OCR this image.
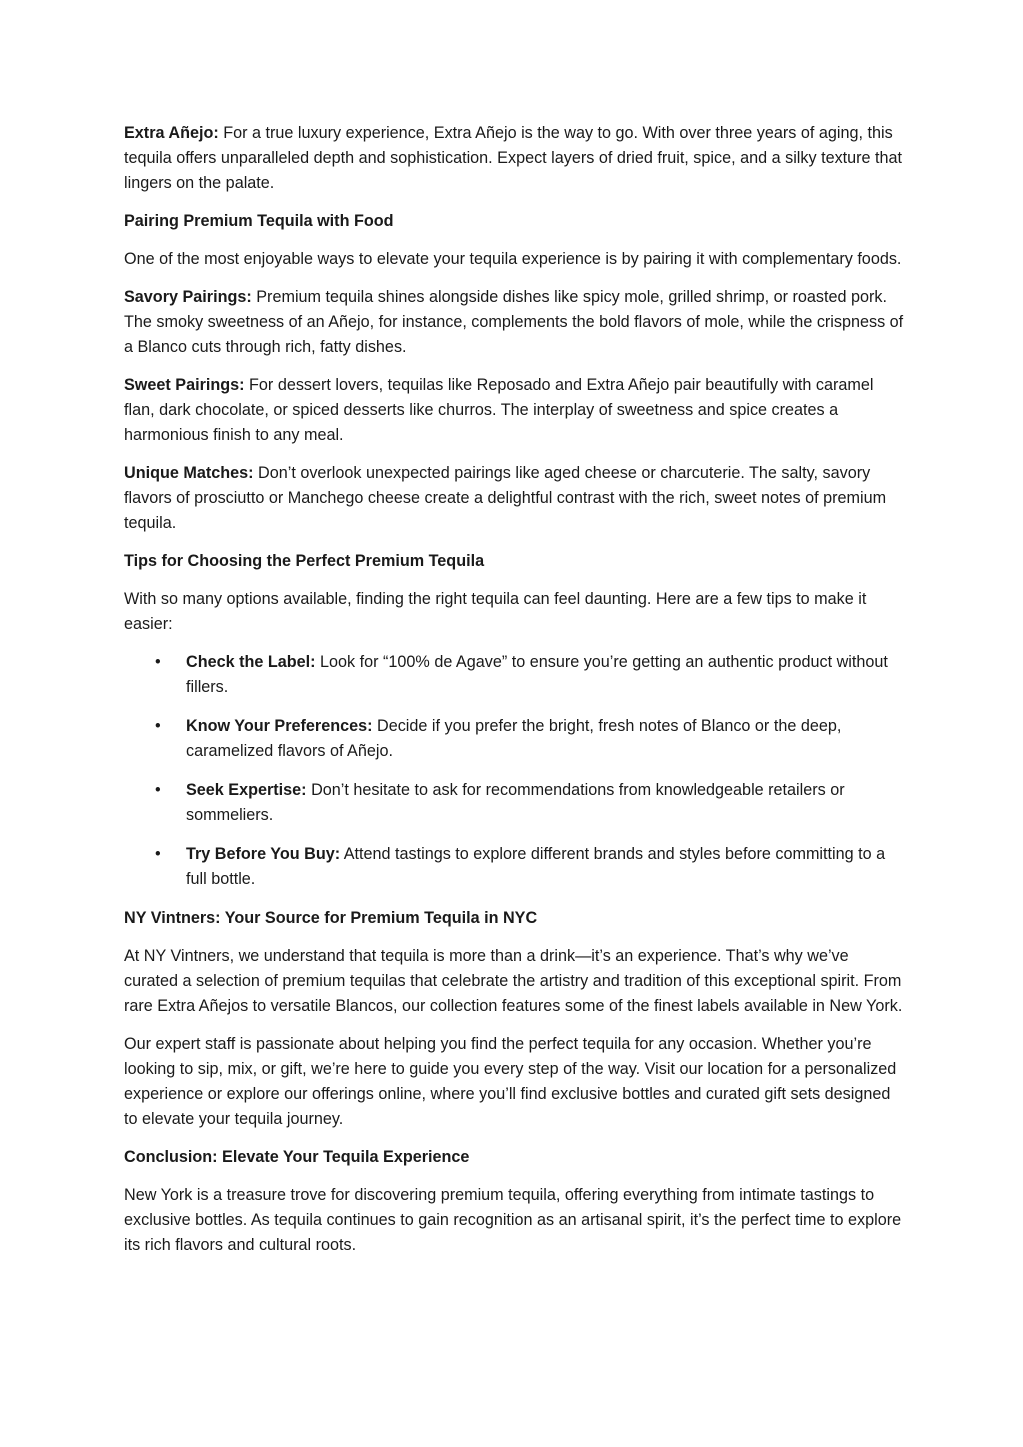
Extra Añejo: For a true luxury experience, Extra Añejo is the way to go. With over three years of aging, this tequila offers unparalleled depth and sophistication. Expect layers of dried fruit, spice, and a silky texture that lingers on the palate.

Pairing Premium Tequila with Food

One of the most enjoyable ways to elevate your tequila experience is by pairing it with complementary foods.

Savory Pairings: Premium tequila shines alongside dishes like spicy mole, grilled shrimp, or roasted pork. The smoky sweetness of an Añejo, for instance, complements the bold flavors of mole, while the crispness of a Blanco cuts through rich, fatty dishes.

Sweet Pairings: For dessert lovers, tequilas like Reposado and Extra Añejo pair beautifully with caramel flan, dark chocolate, or spiced desserts like churros. The interplay of sweetness and spice creates a harmonious finish to any meal.

Unique Matches: Don’t overlook unexpected pairings like aged cheese or charcuterie. The salty, savory flavors of prosciutto or Manchego cheese create a delightful contrast with the rich, sweet notes of premium tequila.

Tips for Choosing the Perfect Premium Tequila

With so many options available, finding the right tequila can feel daunting. Here are a few tips to make it easier:

• Check the Label: Look for “100% de Agave” to ensure you’re getting an authentic product without fillers.
• Know Your Preferences: Decide if you prefer the bright, fresh notes of Blanco or the deep, caramelized flavors of Añejo.
• Seek Expertise: Don’t hesitate to ask for recommendations from knowledgeable retailers or sommeliers.
• Try Before You Buy: Attend tastings to explore different brands and styles before committing to a full bottle.
NY Vintners: Your Source for Premium Tequila in NYC

At NY Vintners, we understand that tequila is more than a drink—it’s an experience. That’s why we’ve curated a selection of premium tequilas that celebrate the artistry and tradition of this exceptional spirit. From rare Extra Añejos to versatile Blancos, our collection features some of the finest labels available in New York.

Our expert staff is passionate about helping you find the perfect tequila for any occasion. Whether you’re looking to sip, mix, or gift, we’re here to guide you every step of the way. Visit our location for a personalized experience or explore our offerings online, where you’ll find exclusive bottles and curated gift sets designed to elevate your tequila journey.

Conclusion: Elevate Your Tequila Experience

New York is a treasure trove for discovering premium tequila, offering everything from intimate tastings to exclusive bottles. As tequila continues to gain recognition as an artisanal spirit, it’s the perfect time to explore its rich flavors and cultural roots.
